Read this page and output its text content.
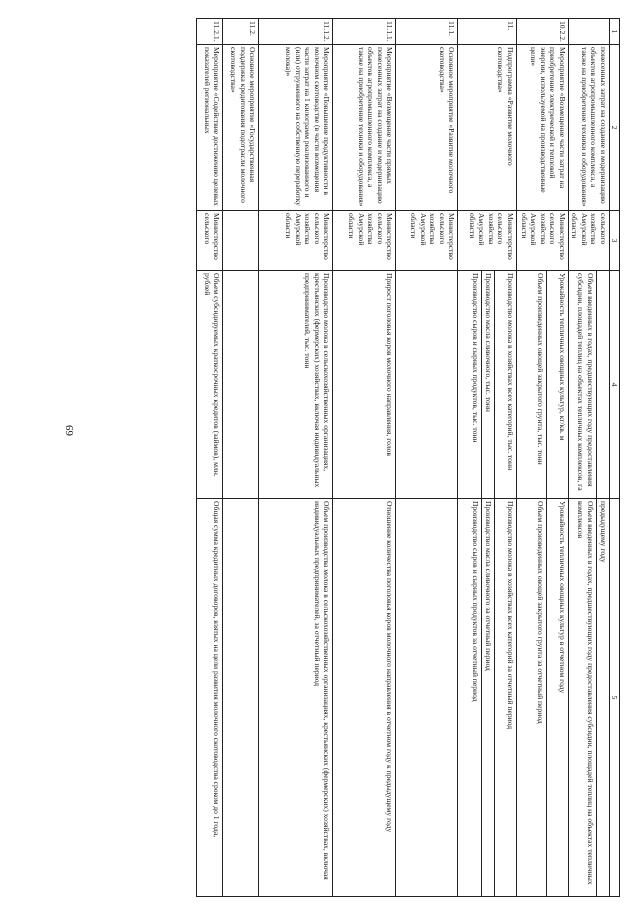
69
1	2	3	4	5
	понесенных затрат на создание и модернизацию объектов агропромышленного комплекса, а также на приобретение техники и оборудования»	сельского хозяйства Амурской области		предыдущему году
			Объем введенных в годах, предшествующих году предоставления субсидии, площадей теплиц на объектах тепличных комплексов, га	Объем введенных в годах, предшествующих году предоставления субсидии, площадей теплиц на объектах тепличных комплексов
10.2.2.	Мероприятие «Возмещение части затрат на приобретение электрической и тепловой энергии, используемой на производственные цели»	Министерство сельского хозяйства Амурской области	Урожайность тепличных овощных культур, кг/кв. м	Урожайность тепличных овощных культур в отчетном году
			Объем произведенных овощей закрытого грунта, тыс. тонн	Объем произведенных овощей закрытого грунта за отчетный период
11.	Подпрограмма «Развитие молочного скотоводства»	Министерство сельского хозяйства Амурской области	Производство молока в хозяйствах всех категорий, тыс. тонн	Производство молока в хозяйствах всех категорий за отчетный период
			Производство масла сливочного, тыс. тонн	Производство масла сливочного за отчетный период
			Производство сыров и сырных продуктов, тыс. тонн	Производство сыров и сырных продуктов за отчетный период
11.1.	Основное мероприятие «Развитие молочного скотоводства»	Министерство сельского хозяйства Амурской области		
11.1.1.	Мероприятие «Возмещение части прямых понесенных затрат на создание и модернизацию объектов агропромышленного комплекса, а также на приобретение техники и оборудования»	Министерство сельского хозяйства Амурской области	Прирост поголовья коров молочного направления, голов	Отношение количества поголовья коров молочного направления в отчетном году к предыдущему году
11.1.2.	Мероприятие «Повышение продуктивности в молочном скотоводстве (в части возмещения части затрат на 1 килограмм реализованного и (или) отгруженного на собственную переработку молока)»	Министерство сельского хозяйства Амурской области	Производство молока в сельскохозяйственных организациях, крестьянских (фермерских) хозяйствах, включая индивидуальных предпринимателей, тыс. тонн	Объем производства молока в сельскохозяйственных организациях, крестьянских (фермерских) хозяйствах, включая индивидуальных предпринимателей, за отчетный период
11.2.	Основное мероприятие «Государственная поддержка кредитования подотрасли молочного скотоводства»			
11.2.1.	Мероприятие «Содействие достижению целевых показателей региональных	Министерство сельского	Объем субсидируемых краткосрочных кредитов (займов), млн. рублей	Общая сумма кредитных договоров, взятых на цели развития молочного скотоводства сроком до 1 года,
